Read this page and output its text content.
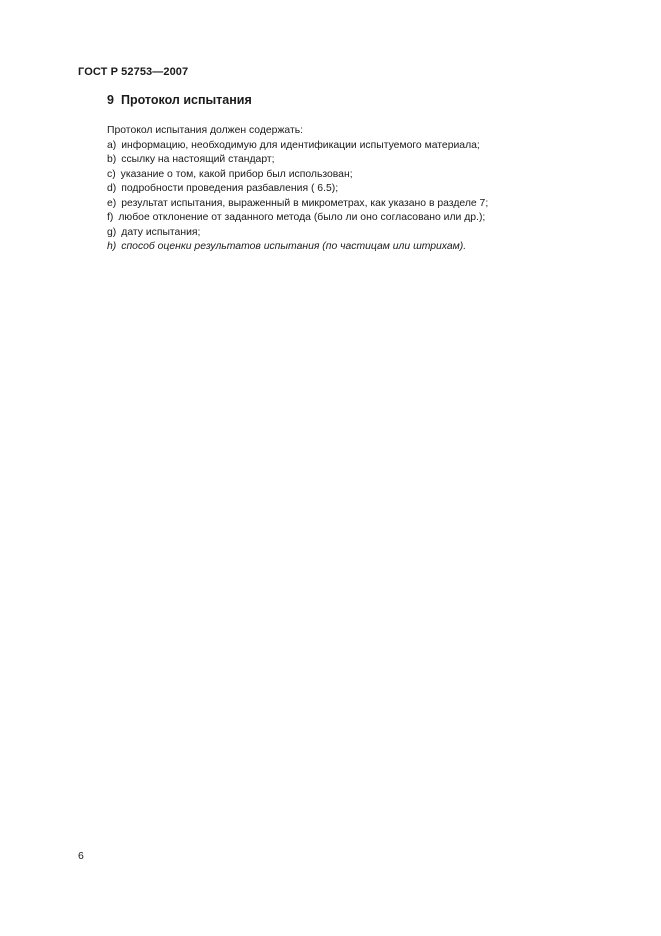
ГОСТ Р 52753—2007
9 Протокол испытания
Протокол испытания должен содержать:
a) информацию, необходимую для идентификации испытуемого материала;
b) ссылку на настоящий стандарт;
c) указание о том, какой прибор был использован;
d) подробности проведения разбавления ( 6.5);
e) результат испытания, выраженный в микрометрах, как указано в разделе 7;
f) любое отклонение от заданного метода (было ли оно согласовано или др.);
g) дату испытания;
h) способ оценки результатов испытания (по частицам или штрихам).
6
